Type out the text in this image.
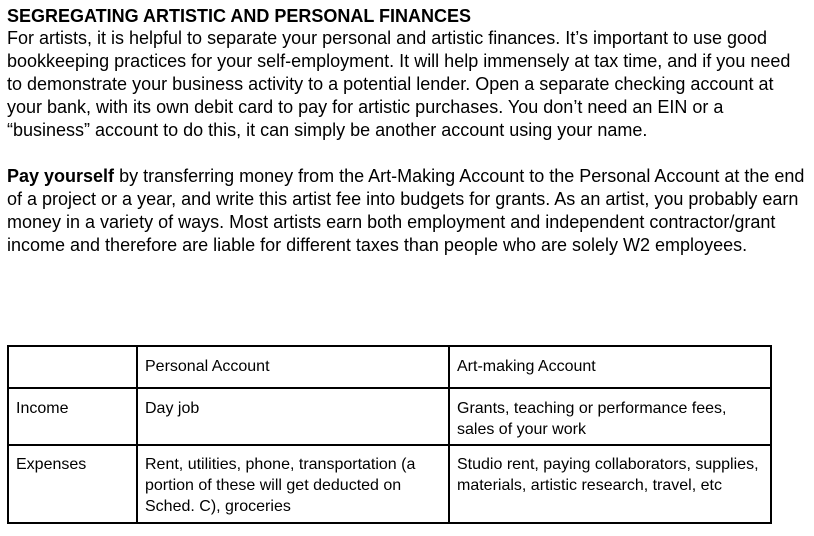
SEGREGATING ARTISTIC AND PERSONAL FINANCES

For artists, it is helpful to separate your personal and artistic finances. It’s important to use good bookkeeping practices for your self-employment. It will help immensely at tax time, and if you need to demonstrate your business activity to a potential lender. Open a separate checking account at your bank, with its own debit card to pay for artistic purchases. You don’t need an EIN or a “business” account to do this, it can simply be another account using your name.

Pay yourself by transferring money from the Art-Making Account to the Personal Account at the end of a project or a year, and write this artist fee into budgets for grants. As an artist, you probably earn money in a variety of ways. Most artists earn both employment and independent contractor/grant income and therefore are liable for different taxes than people who are solely W2 employees.

	Personal Account	Art-making Account
Income	Day job	Grants, teaching or performance fees, sales of your work
Expenses	Rent, utilities, phone, transportation (a portion of these will get deducted on Sched. C), groceries	Studio rent, paying collaborators, supplies, materials, artistic research, travel, etc
